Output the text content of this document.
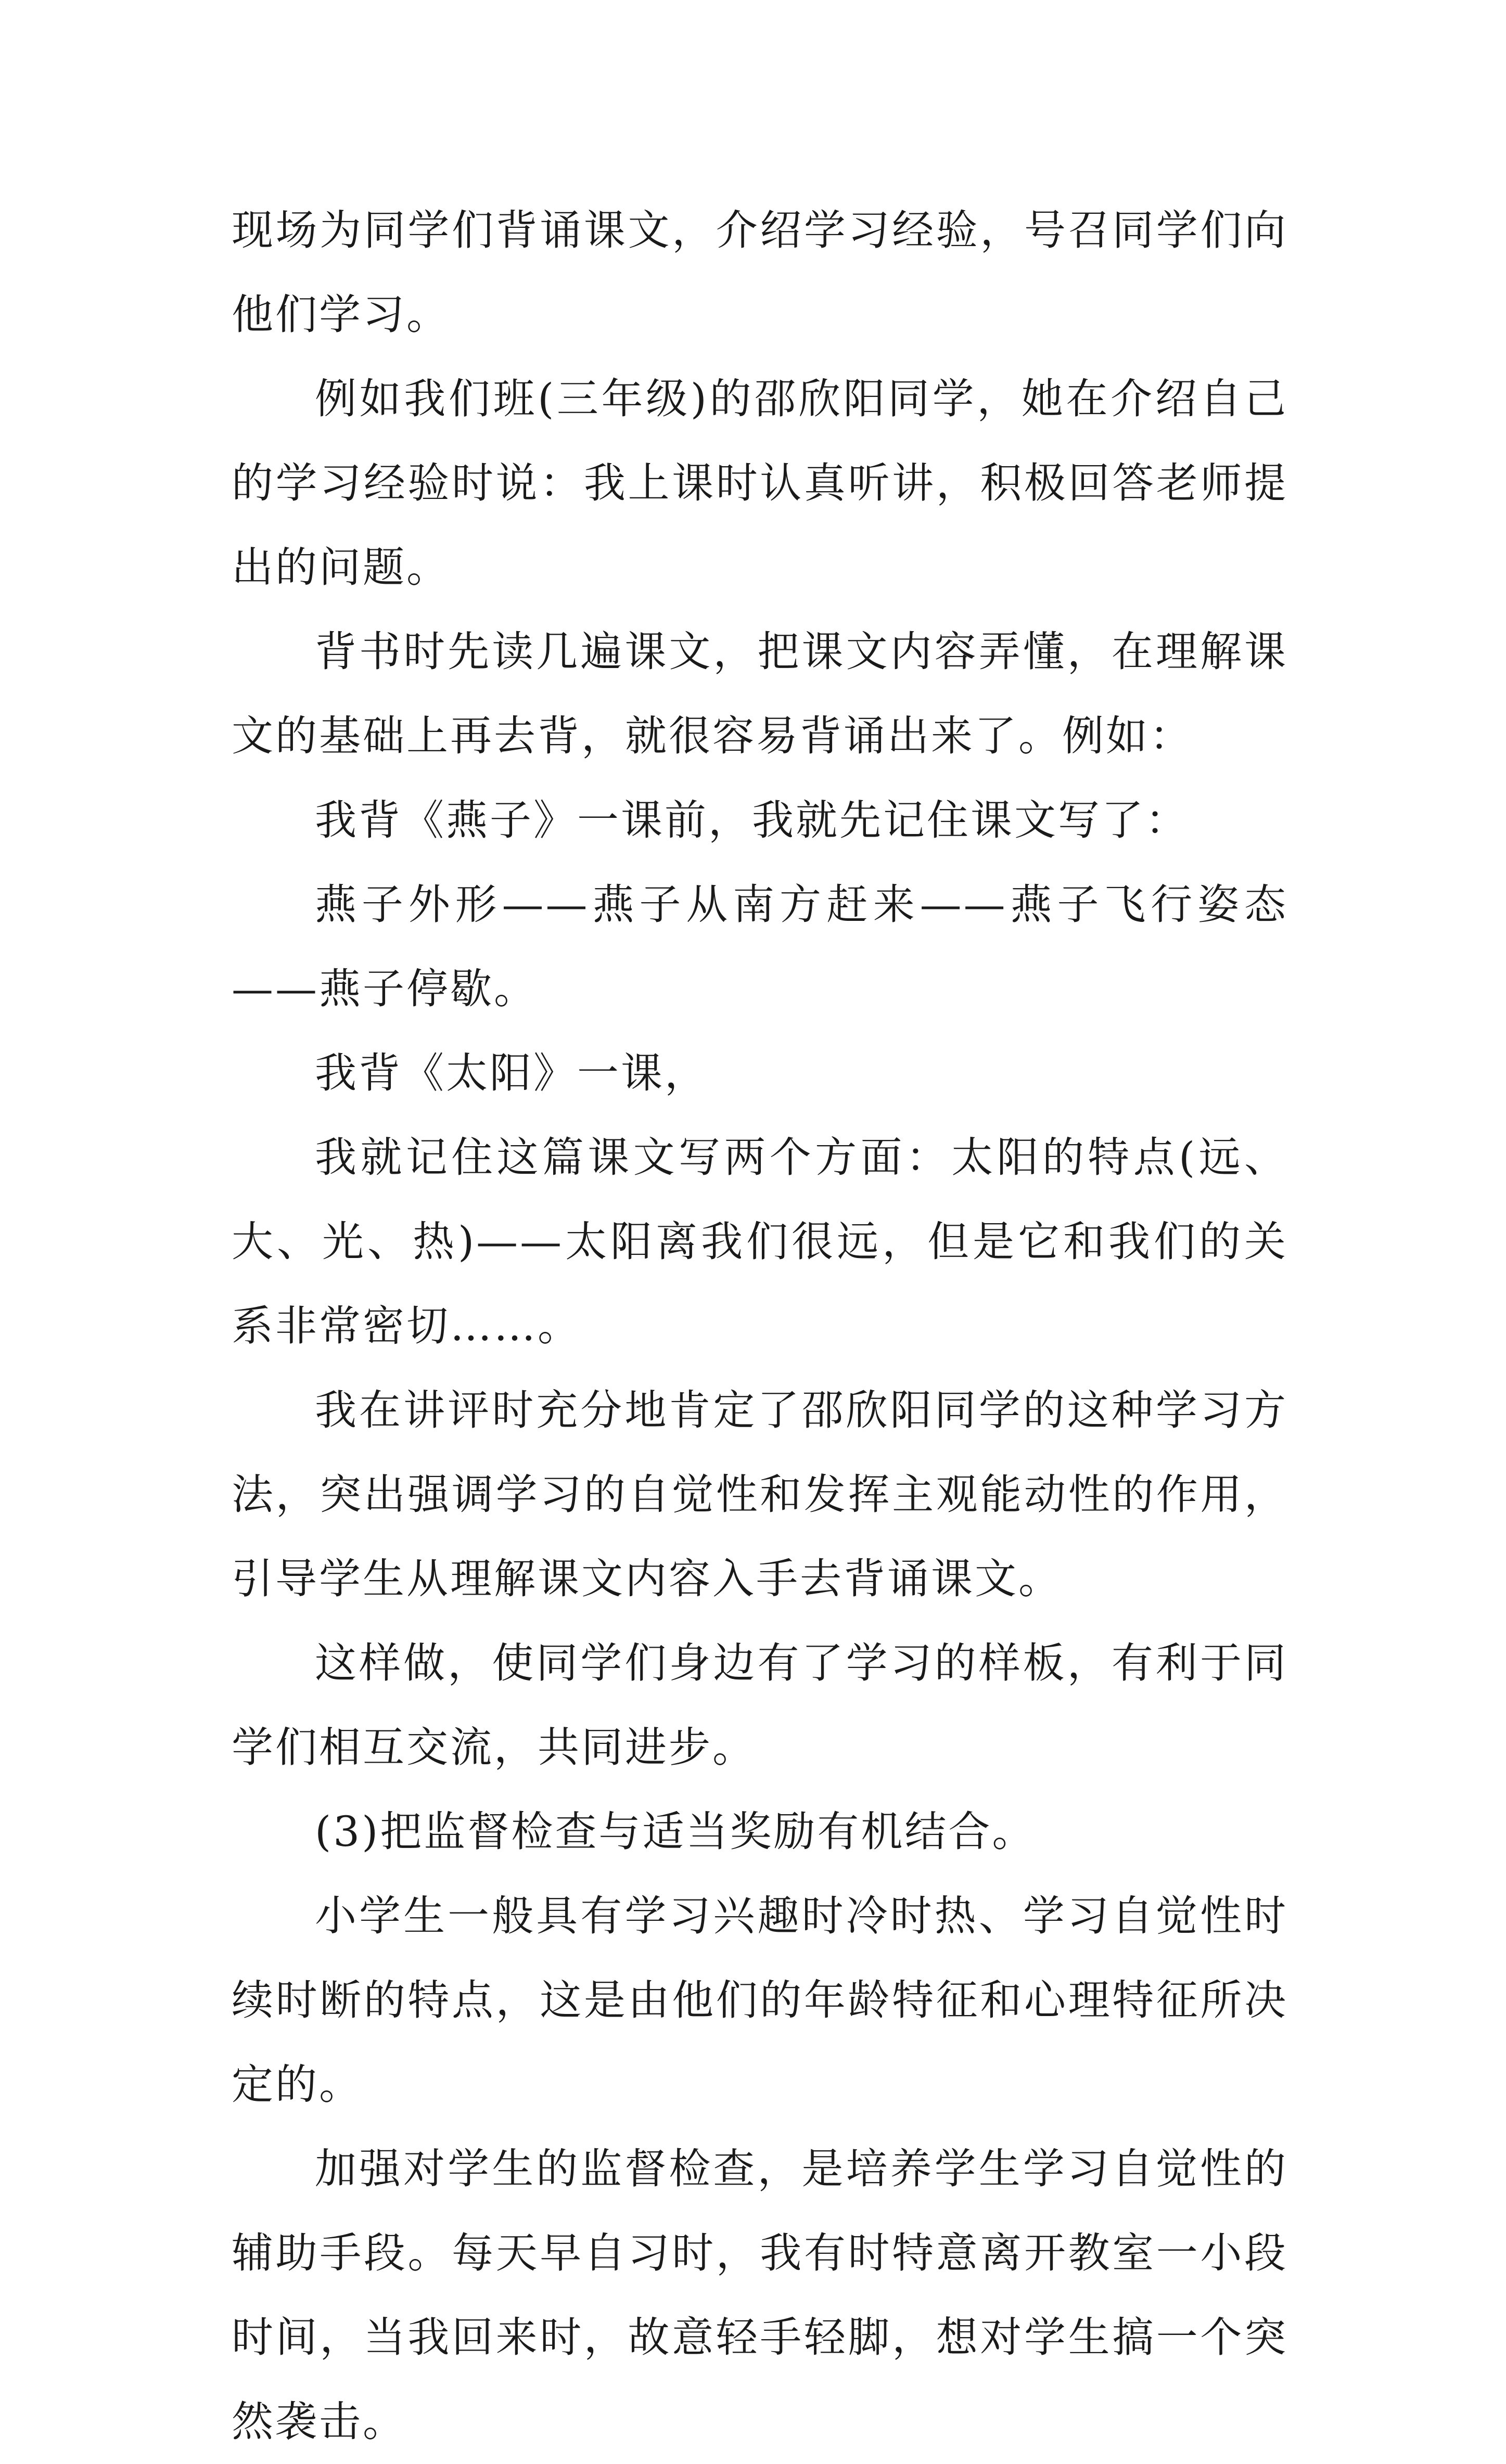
现场为同学们背诵课文，介绍学习经验，号召同学们向他们学习。

例如我们班(三年级)的邵欣阳同学，她在介绍自己的学习经验时说：我上课时认真听讲，积极回答老师提出的问题。

背书时先读几遍课文，把课文内容弄懂，在理解课文的基础上再去背，就很容易背诵出来了。例如：

我背《燕子》一课前，我就先记住课文写了：

燕子外形——燕子从南方赶来——燕子飞行姿态——燕子停歇。

我背《太阳》一课，

我就记住这篇课文写两个方面：太阳的特点(远、大、光、热)——太阳离我们很远，但是它和我们的关系非常密切……。

我在讲评时充分地肯定了邵欣阳同学的这种学习方法，突出强调学习的自觉性和发挥主观能动性的作用，引导学生从理解课文内容入手去背诵课文。

这样做，使同学们身边有了学习的样板，有利于同学们相互交流，共同进步。

(3)把监督检查与适当奖励有机结合。

小学生一般具有学习兴趣时冷时热、学习自觉性时续时断的特点，这是由他们的年龄特征和心理特征所决定的。

加强对学生的监督检查，是培养学生学习自觉性的辅助手段。每天早自习时，我有时特意离开教室一小段时间，当我回来时，故意轻手轻脚，想对学生搞一个突然袭击。
